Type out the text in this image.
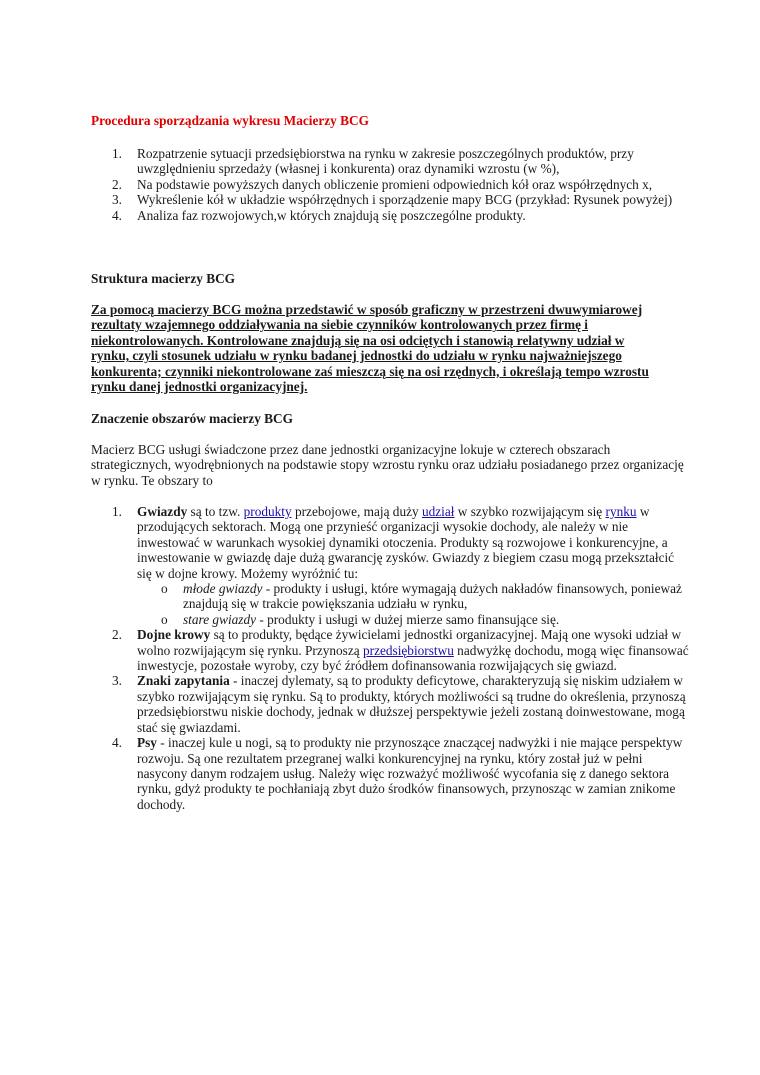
Procedura sporządzania wykresu Macierzy BCG
1. Rozpatrzenie sytuacji przedsiębiorstwa na rynku w zakresie poszczególnych produktów, przy uwzględnieniu sprzedaży (własnej i konkurenta) oraz dynamiki wzrostu (w %),
2. Na podstawie powyższych danych obliczenie promieni odpowiednich kół oraz współrzędnych x,
3. Wykreślenie kół w układzie współrzędnych i sporządzenie mapy BCG (przykład: Rysunek powyżej)
4. Analiza faz rozwojowych,w których znajdują się poszczególne produkty.
Struktura macierzy BCG
Za pomocą macierzy BCG można przedstawić w sposób graficzny w przestrzeni dwuwymiarowej rezultaty wzajemnego oddziaływania na siebie czynników kontrolowanych przez firmę i niekontrolowanych. Kontrolowane znajdują się na osi odciętych i stanowią relatywny udział w rynku, czyli stosunek udziału w rynku badanej jednostki do udziału w rynku najważniejszego konkurenta; czynniki niekontrolowane zaś mieszczą się na osi rzędnych, i określają tempo wzrostu rynku danej jednostki organizacyjnej.
Znaczenie obszarów macierzy BCG
Macierz BCG usługi świadczone przez dane jednostki organizacyjne lokuje w czterech obszarach strategicznych, wyodrębnionych na podstawie stopy wzrostu rynku oraz udziału posiadanego przez organizację w rynku. Te obszary to
1. Gwiazdy są to tzw. produkty przebojowe, mają duży udział w szybko rozwijającym się rynku w przodujących sektorach. Mogą one przynieść organizacji wysokie dochody, ale należy w nie inwestować w warunkach wysokiej dynamiki otoczenia. Produkty są rozwojowe i konkurencyjne, a inwestowanie w gwiazdę daje dużą gwarancję zysków. Gwiazdy z biegiem czasu mogą przekształcić się w dojne krowy. Możemy wyróżnić tu:
o młode gwiazdy - produkty i usługi, które wymagają dużych nakładów finansowych, ponieważ znajdują się w trakcie powiększania udziału w rynku,
o stare gwiazdy - produkty i usługi w dużej mierze samo finansujące się.
2. Dojne krowy są to produkty, będące żywicielami jednostki organizacyjnej. Mają one wysoki udział w wolno rozwijającym się rynku. Przynoszą przedsiębiorstwu nadwyżkę dochodu, mogą więc finansować inwestycje, pozostałe wyroby, czy być źródłem dofinansowania rozwijających się gwiazd.
3. Znaki zapytania - inaczej dylematy, są to produkty deficytowe, charakteryzują się niskim udziałem w szybko rozwijającym się rynku. Są to produkty, których możliwości są trudne do określenia, przynoszą przedsiębiorstwu niskie dochody, jednak w dłuższej perspektywie jeżeli zostaną doinwestowane, mogą stać się gwiazdami.
4. Psy - inaczej kule u nogi, są to produkty nie przynoszące znaczącej nadwyżki i nie mające perspektyw rozwoju. Są one rezultatem przegranej walki konkurencyjnej na rynku, który został już w pełni nasycony danym rodzajem usług. Należy więc rozważyć możliwość wycofania się z danego sektora rynku, gdyż produkty te pochłaniają zbyt dużo środków finansowych, przynosząc w zamian znikome dochody.
